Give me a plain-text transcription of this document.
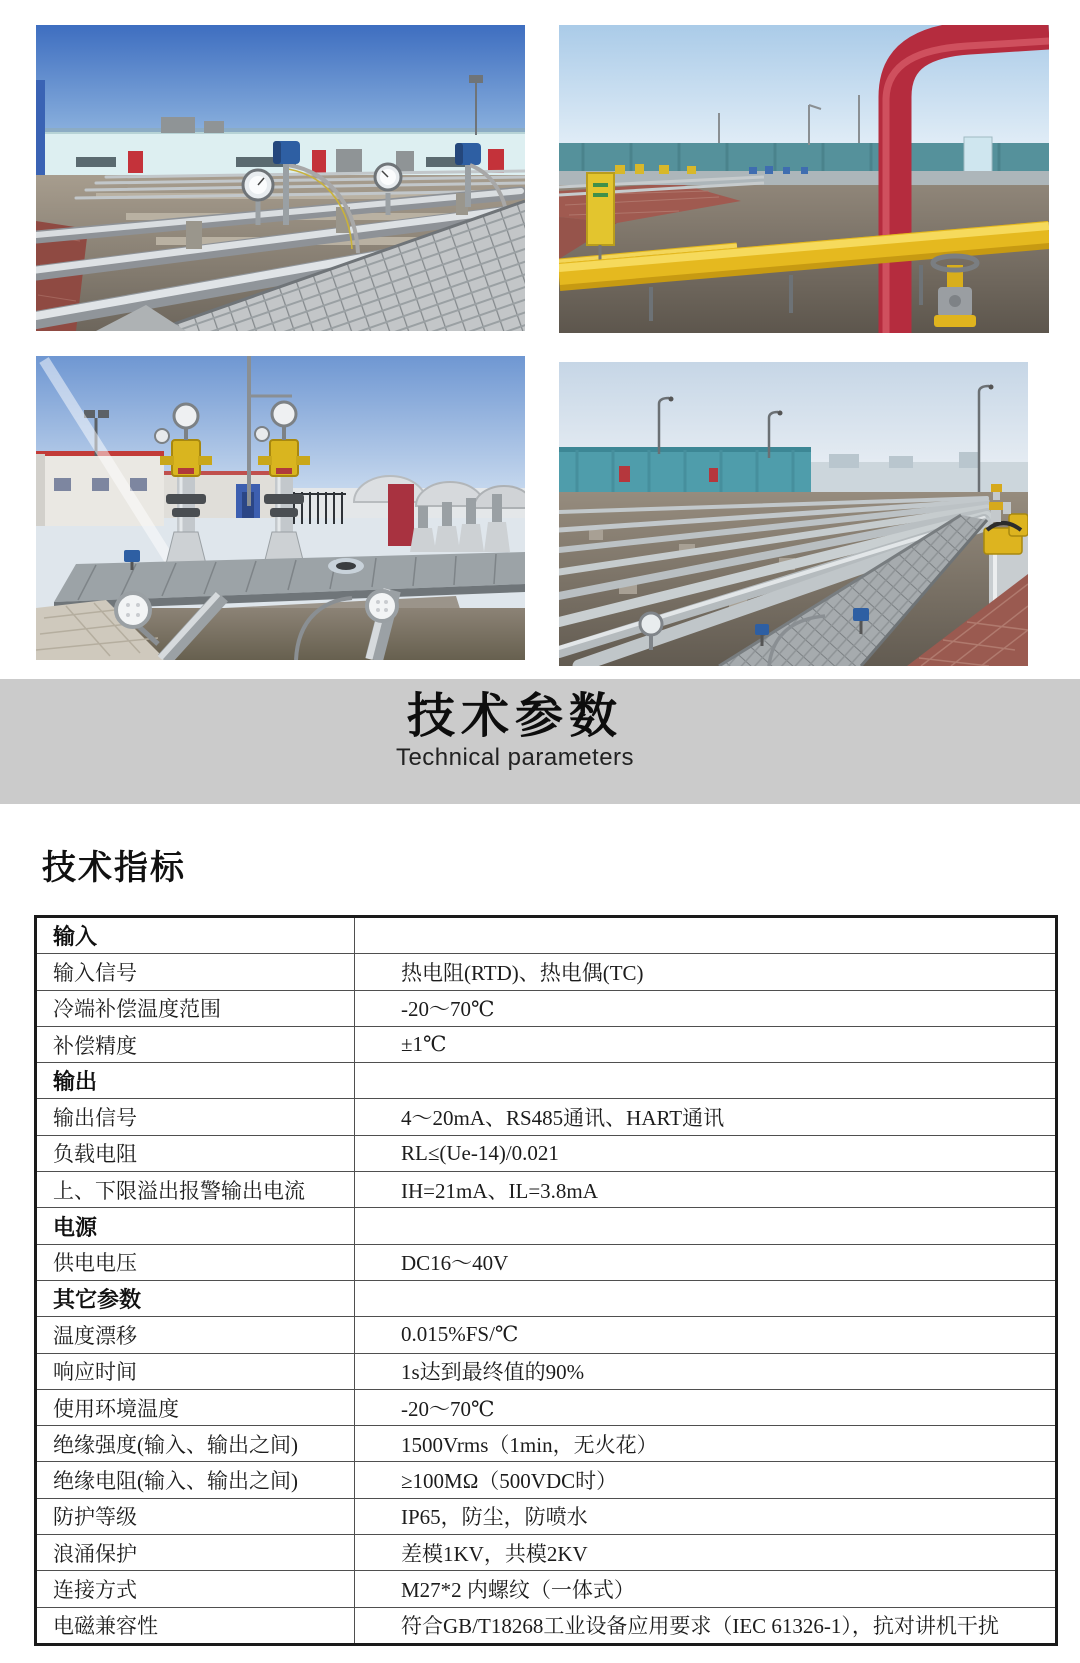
技术参数

Technical parameters

技术指标
输入	
输入信号	热电阻(RTD)、热电偶(TC)
冷端补偿温度范围	-20～70℃
补偿精度	±1℃
输出	
输出信号	4～20mA、RS485通讯、HART通讯
负载电阻	RL≤(Ue-14)/0.021
上、下限溢出报警输出电流	IH=21mA、IL=3.8mA
电源	
供电电压	DC16～40V
其它参数	
温度漂移	0.015%FS/℃
响应时间	1s达到最终值的90%
使用环境温度	-20～70℃
绝缘强度(输入、输出之间)	1500Vrms（1min，无火花）
绝缘电阻(输入、输出之间)	≥100MΩ（500VDC时）
防护等级	IP65，防尘，防喷水
浪涌保护	差模1KV，共模2KV
连接方式	M27*2 内螺纹（一体式）
电磁兼容性	符合GB/T18268工业设备应用要求（IEC 61326-1），抗对讲机干扰
